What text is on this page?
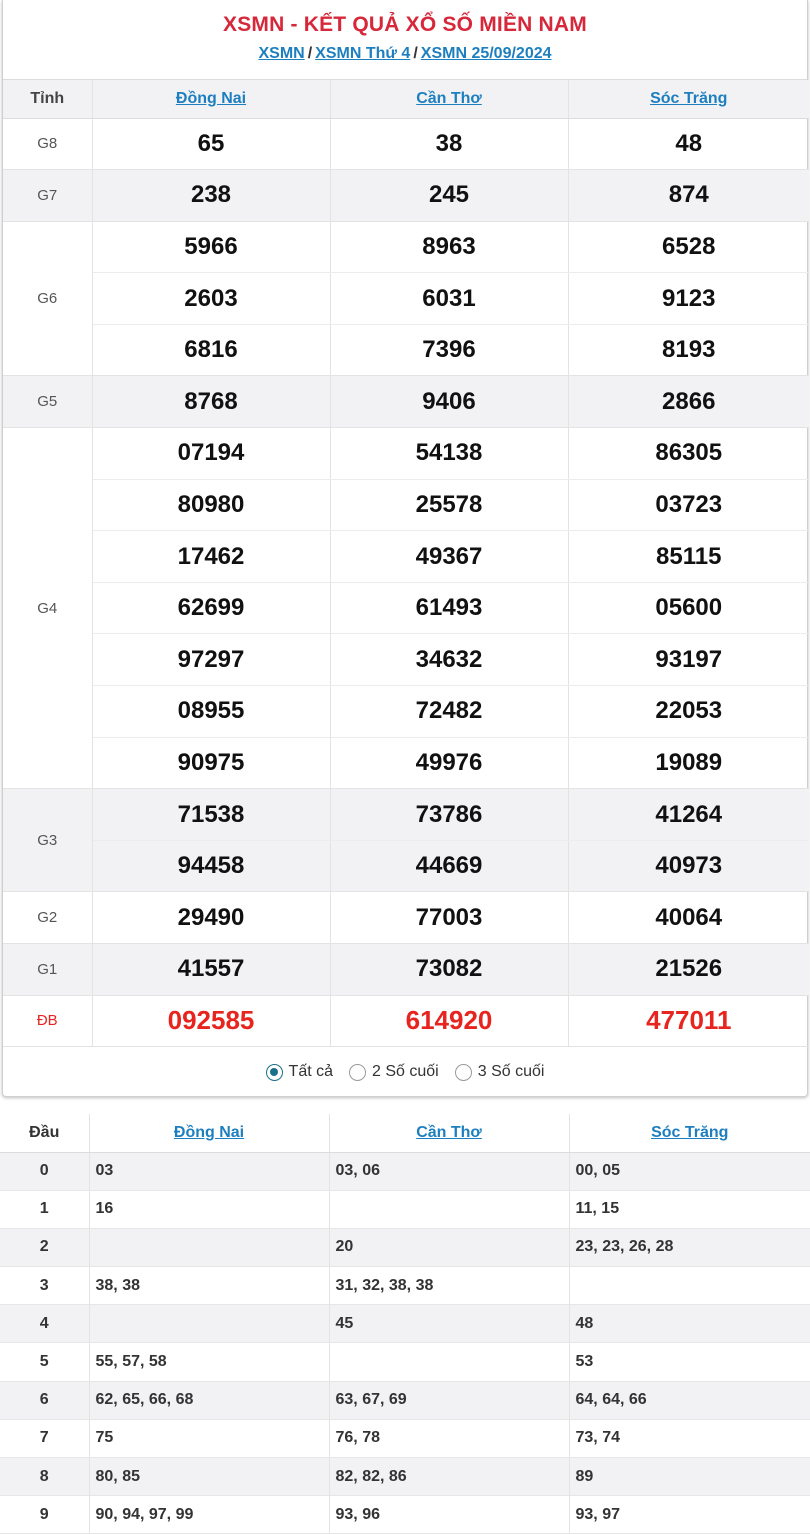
XSMN - KẾT QUẢ XỔ SỐ MIỀN NAM
XSMN / XSMN Thứ 4 / XSMN 25/09/2024
Tỉnh	Đồng Nai	Cần Thơ	Sóc Trăng
G8	65	38	48
G7	238	245	874
G6	5966	8963	6528
	2603	6031	9123
	6816	7396	8193
G5	8768	9406	2866
G4	07194	54138	86305
	80980	25578	03723
	17462	49367	85115
	62699	61493	05600
	97297	34632	93197
	08955	72482	22053
	90975	49976	19089
G3	71538	73786	41264
	94458	44669	40973
G2	29490	77003	40064
G1	41557	73082	21526
ĐB	092585	614920	477011
Tất cả 2 Số cuối 3 Số cuối
Đầu	Đồng Nai	Cần Thơ	Sóc Trăng
0	03	03, 06	00, 05
1	16		11, 15
2		20	23, 23, 26, 28
3	38, 38	31, 32, 38, 38	
4		45	48
5	55, 57, 58		53
6	62, 65, 66, 68	63, 67, 69	64, 64, 66
7	75	76, 78	73, 74
8	80, 85	82, 82, 86	89
9	90, 94, 97, 99	93, 96	93, 97
